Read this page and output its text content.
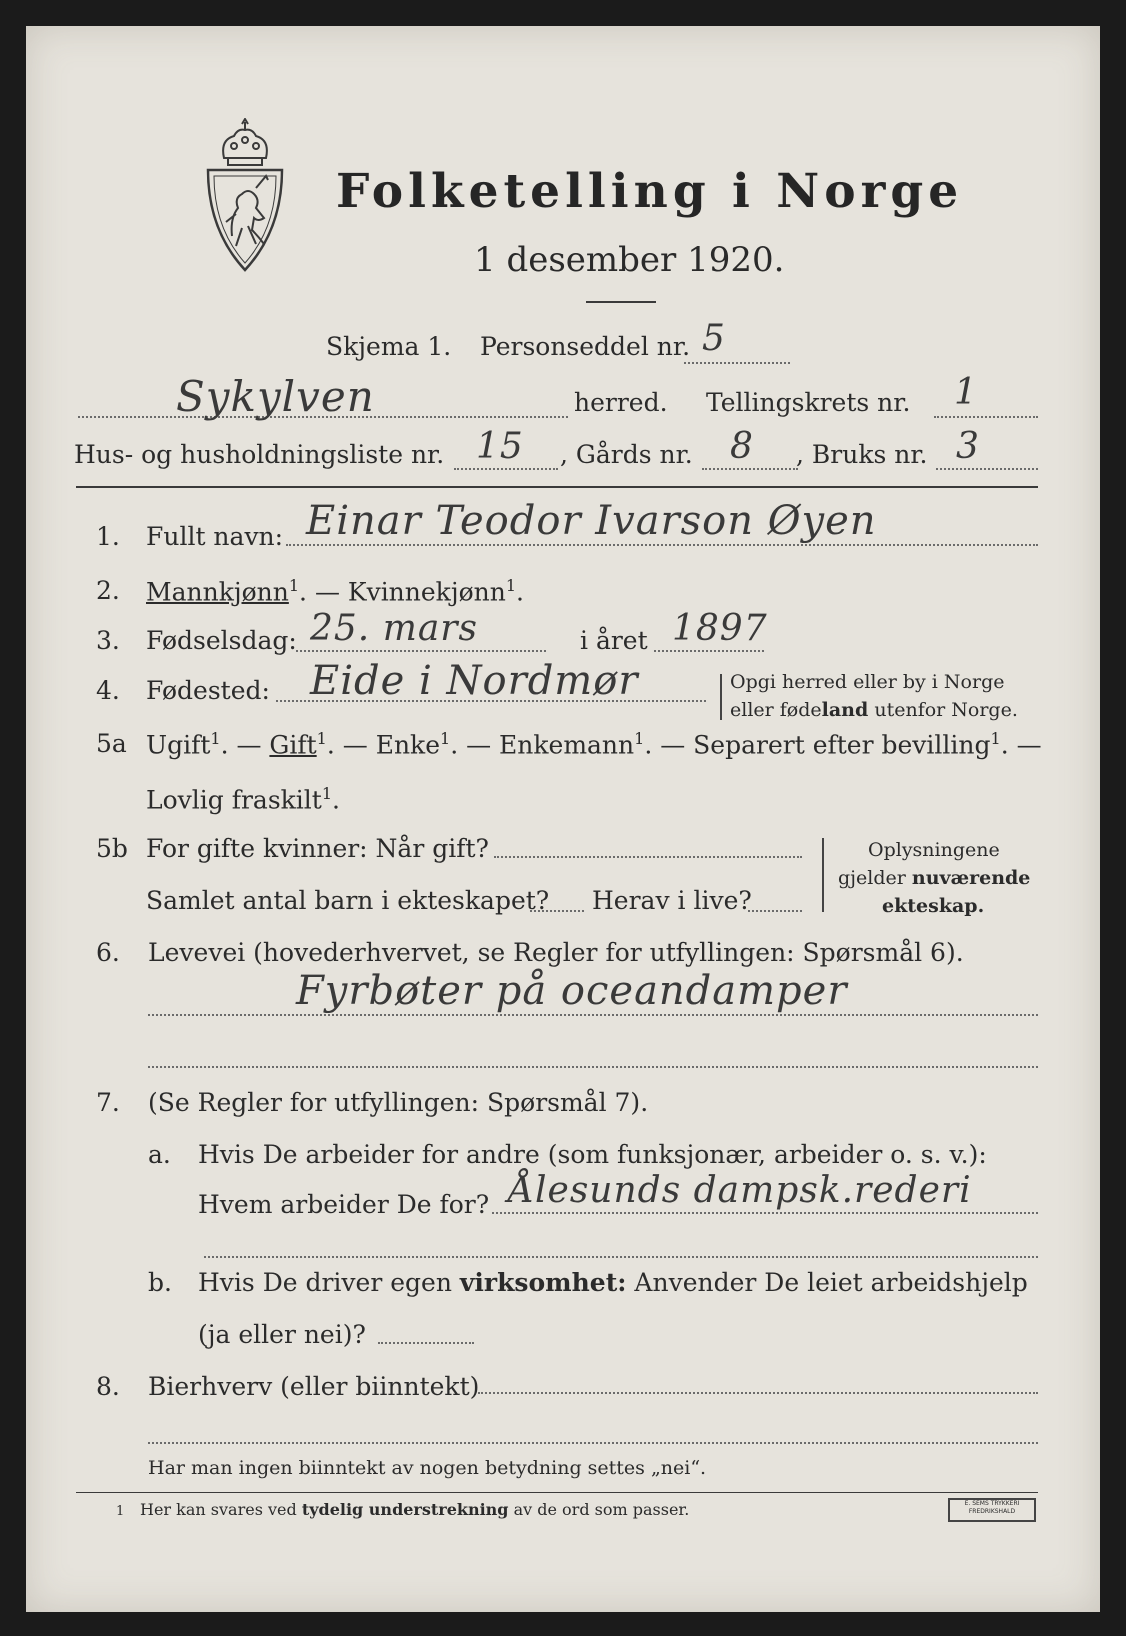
Folketelling i Norge
1 desember 1920.
Skjema 1. Personseddel nr. 5
Sykylven	herred. Tellingskrets nr. 1
Hus- og husholdningsliste nr. 15 , Gårds nr. 8 , Bruks nr. 3
1. Fullt navn: Einar Teodor Ivarson Øyen
2. Mannkjønn$^1$. — Kvinnekjønn$^1$.
3. Fødselsdag: 25. mars	i året 1897
4. Fødested: Eide i Nordmør	Opgi herred eller by i Norge
eller fødeland utenfor Norge.
5a Ugift$^1$. — Gift$^1$. — Enke$^1$. — Enkemann$^1$. — Separert efter bevilling$^1$. —
Lovlig fraskilt$^1$.
5b For gifte kvinner: Når gift?
Samlet antal barn i ekteskapet? Herav i live?
Oplysningene
gjelder nuværende
ekteskap.
6. Levevei (hovederhvervet, se Regler for utfyllingen: Spørsmål 6).
Fyrbøter på oceandamper
7. (Se Regler for utfyllingen: Spørsmål 7).
a. Hvis De arbeider for andre (som funksjonær, arbeider o. s. v.):
Hvem arbeider De for? Ålesunds dampsk.rederi
b. Hvis De driver egen virksomhet: Anvender De leiet arbeidshjelp
(ja eller nei)?
8. Bierhverv (eller biinntekt)
Har man ingen biinntekt av nogen betydning settes „nei“.
1 Her kan svares ved tydelig understrekning av de ord som passer.	E. SEMS TRYKKERI
FREDRIKSHALD
